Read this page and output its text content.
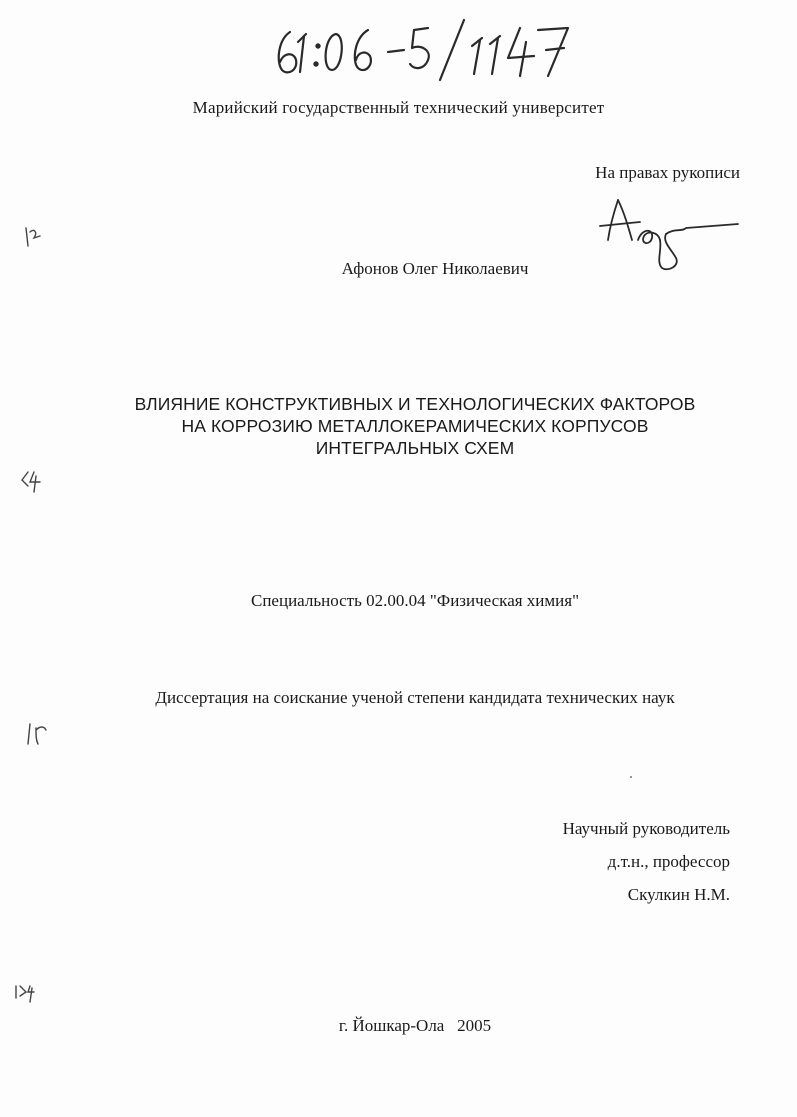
Марийский государственный технический университет
На правах рукописи
Афонов Олег Николаевич
ВЛИЯНИЕ КОНСТРУКТИВНЫХ И ТЕХНОЛОГИЧЕСКИХ ФАКТОРОВ
НА КОРРОЗИЮ МЕТАЛЛОКЕРАМИЧЕСКИХ КОРПУСОВ
ИНТЕГРАЛЬНЫХ СХЕМ
Специальность 02.00.04 "Физическая химия"
Диссертация на соискание ученой степени кандидата технических наук
Научный руководитель
д.т.н., профессор
Скулкин Н.М.
г. Йошкар-Ола   2005
